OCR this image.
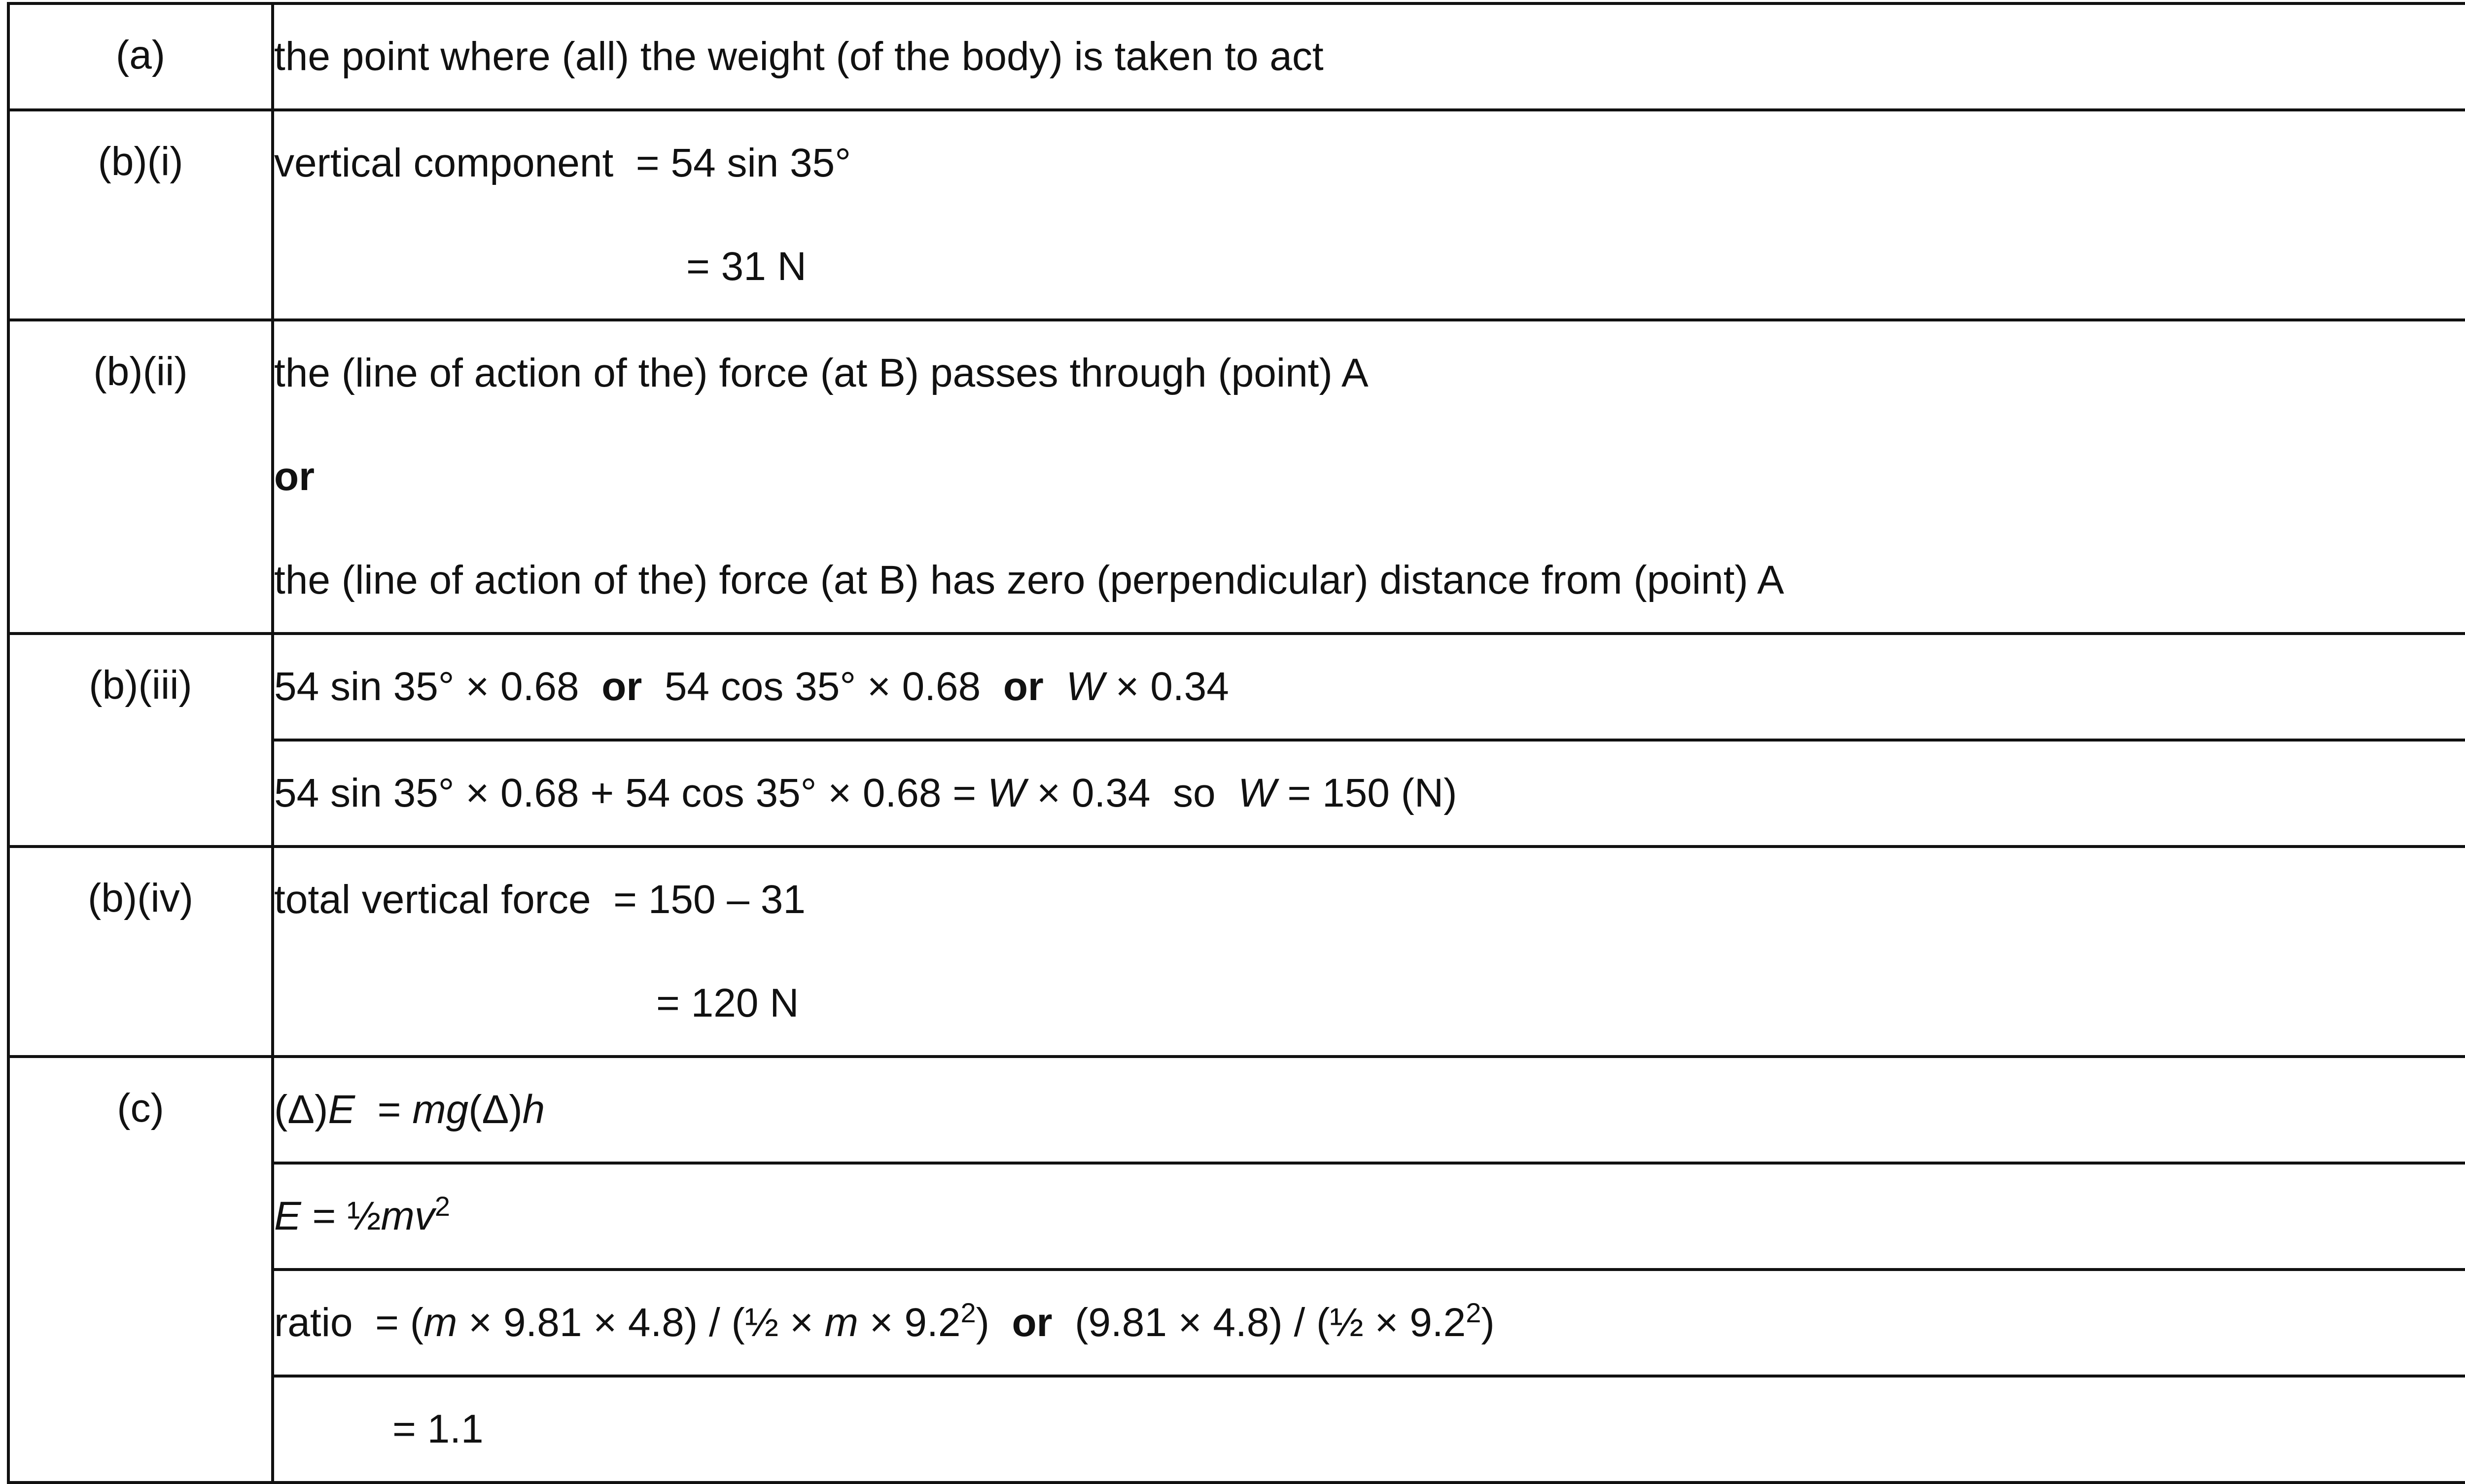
(a)	the point where (all) the weight (of the body) is taken to act

(b)(i)	vertical component  = 54 sin 35°
= 31 N

(b)(ii)	the (line of action of the) force (at B) passes through (point) A
or
the (line of action of the) force (at B) has zero (perpendicular) distance from (point) A

(b)(iii)	54 sin 35° × 0.68 or 54 cos 35° × 0.68 or W × 0.34

	54 sin 35° × 0.68 + 54 cos 35° × 0.68 = W × 0.34  so  W = 150 (N)

(b)(iv)	total vertical force  = 150 – 31
= 120 N

(c)	(Δ)E  = mg(Δ)h

	$E = \frac{1}{2}mv^2$

	ratio  = (m × 9.81 × 4.8) / (½ × $m \times 9.2^2$) or (9.81 × 4.8) / (½ × $9.2^2$)

	= 1.1
